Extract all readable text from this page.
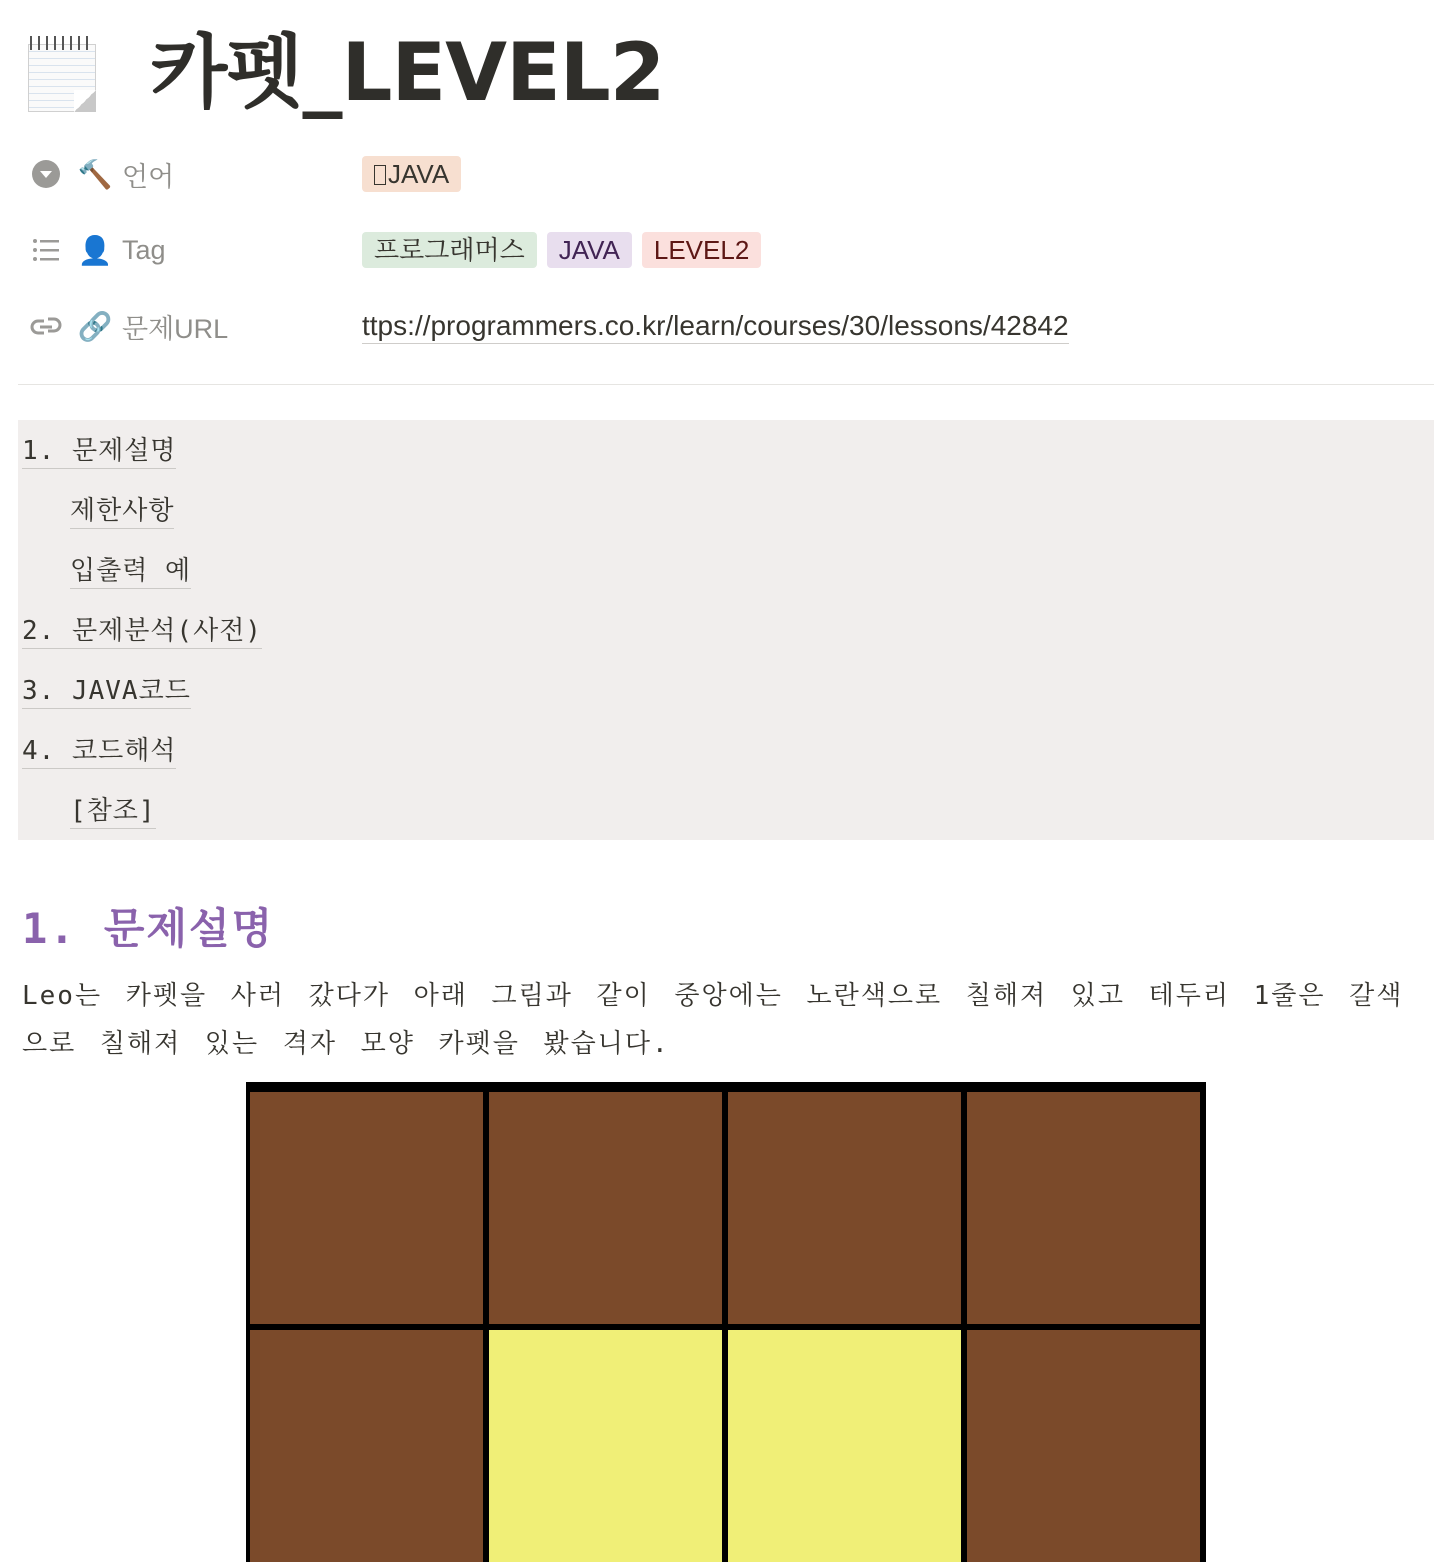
카펫_LEVEL2
🔨 언어	JAVA
👤 Tag	프로그래머스	JAVA	LEVEL2
🔗 문제URL	ttps://programmers.co.kr/learn/courses/30/lessons/42842
1. 문제설명
제한사항
입출력 예
2. 문제분석(사전)
3. JAVA코드
4. 코드해석
[참조]
1. 문제설명
Leo는 카펫을 사러 갔다가 아래 그림과 같이 중앙에는 노란색으로 칠해져 있고 테두리 1줄은 갈색으로 칠해져 있는 격자 모양 카펫을 봤습니다.
